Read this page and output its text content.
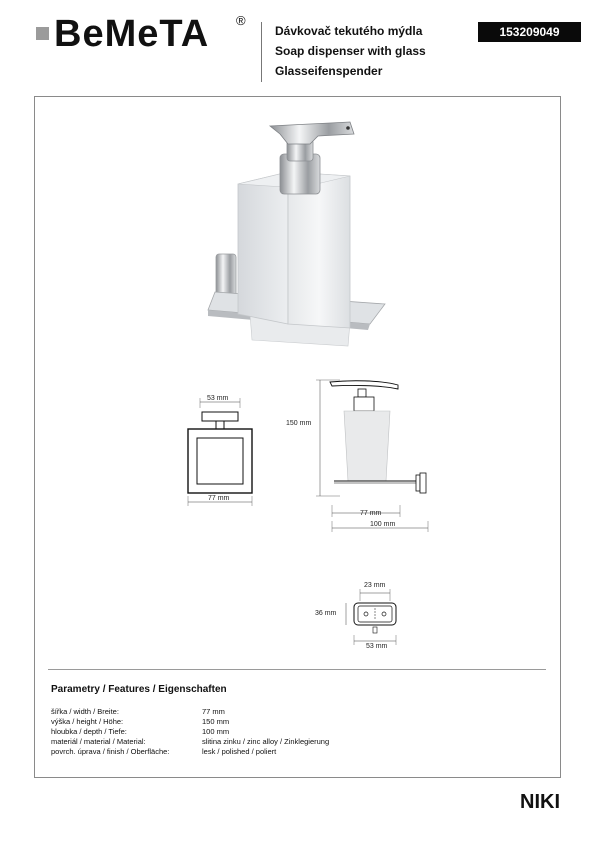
BeMeTA ®
Dávkovač tekutého mýdla
Soap dispenser with glass
Glasseifenspender
153209049
53 mm
77 mm
150 mm
77 mm
100 mm
23 mm
36 mm
53 mm
Parametry / Features / Eigenschaften
šířka / width / Breite:	77 mm
výška / height / Höhe:	150 mm
hloubka / depth / Tiefe:	100 mm
materiál / material / Material:	slitina zinku / zinc alloy / Zinklegierung
povrch. úprava / finish / Oberfläche:	lesk / polished / poliert
NIKI
